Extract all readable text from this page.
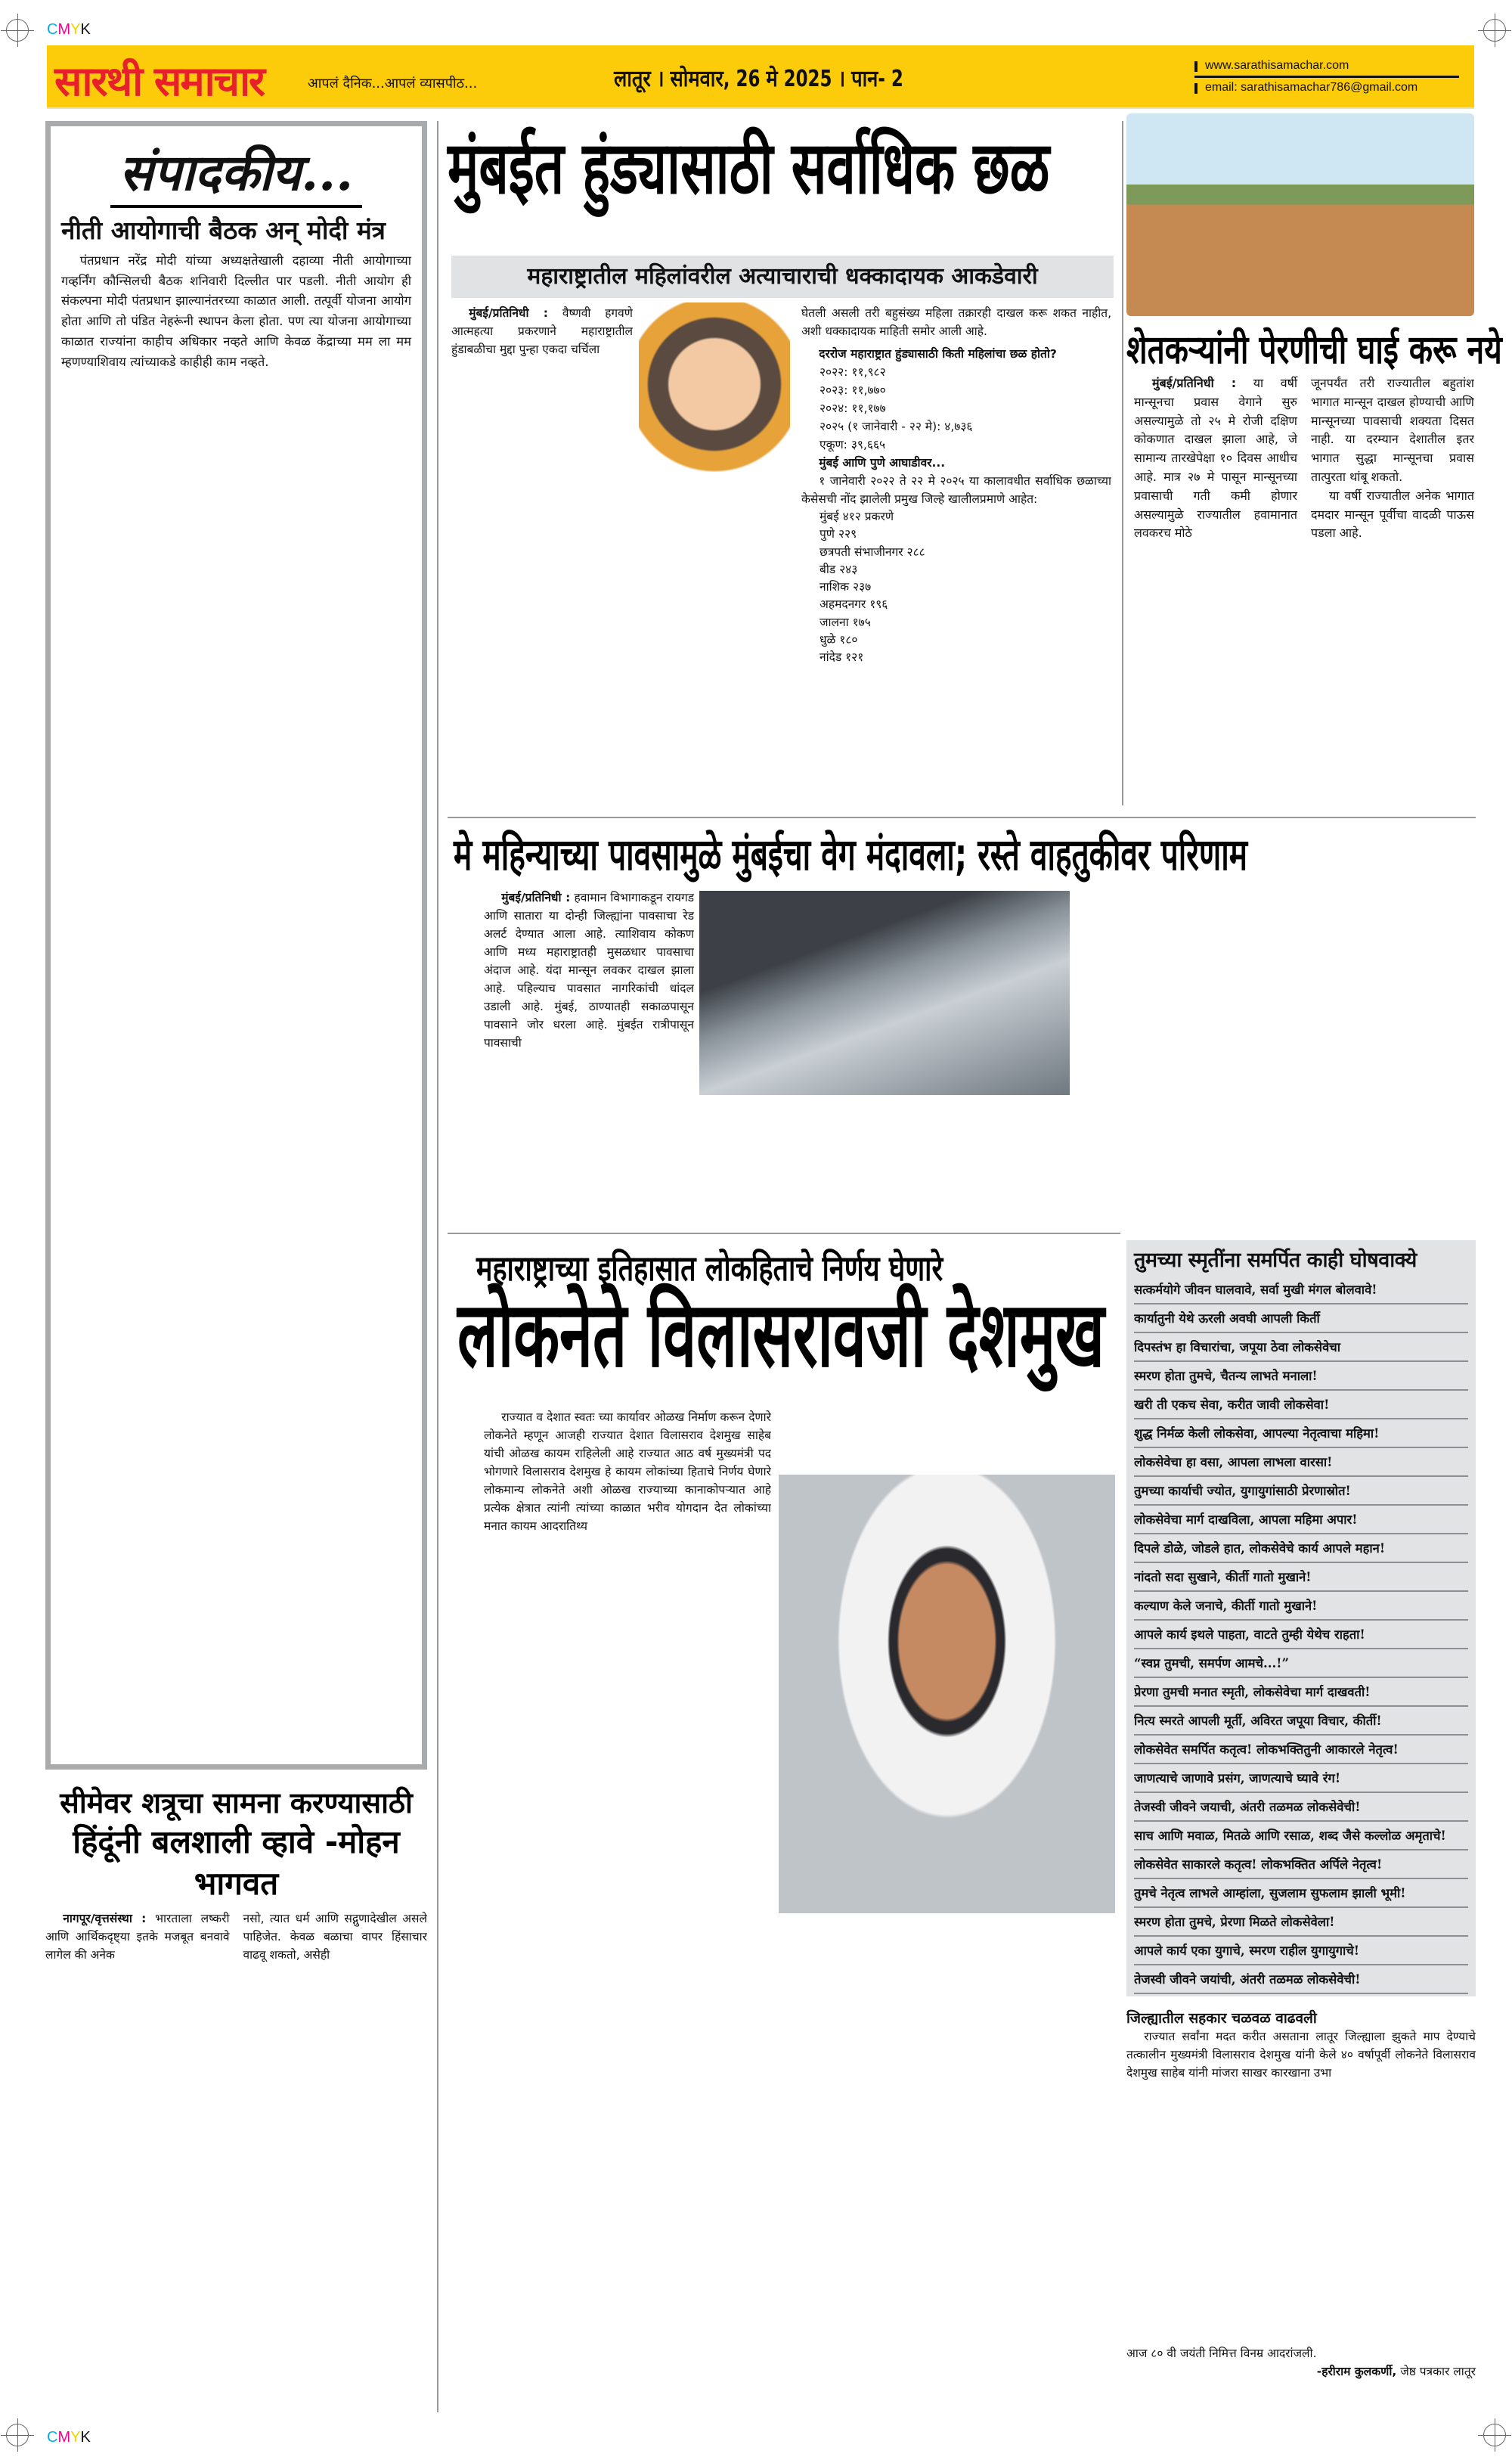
CMYK
CMYK
सारथी समाचार	आपलं दैनिक...आपलं व्यासपीठ...	लातूर । सोमवार, 26 मे 2025 । पान- 2
www.sarathisamachar.com
email: sarathisamachar786@gmail.com
संपादकीय...
नीती आयोगाची बैठक अन् मोदी मंत्र

पंतप्रधान नरेंद्र मोदी यांच्या अध्यक्षतेखाली दहाव्या नीती आयोगाच्या गव्हर्निंग कौन्सिलची बैठक शनिवारी दिल्लीत पार पडली. नीती आयोग ही संकल्पना मोदी पंतप्रधान झाल्यानंतरच्या काळात आली. तत्पूर्वी योजना आयोग होता आणि तो पंडित नेहरूंनी स्थापन केला होता. पण त्या योजना आयोगाच्या काळात राज्यांना काहीच अधिकार नव्हते आणि केवळ केंद्राच्या मम ला मम म्हणण्याशिवाय त्यांच्याकडे काहीही काम नव्हते.

सीमेवर शत्रूचा सामना करण्यासाठी
हिंदूंनी बलशाली व्हावे -मोहन भागवत

नागपूर/वृत्तसंस्था : भारताला लष्करी आणि आर्थिकदृष्ट्या इतके मजबूत बनवावे लागेल की अनेक

नसो, त्यात धर्म आणि सद्गुणादेखील असले पाहिजेत. केवळ बळाचा वापर हिंसाचार वाढवू शकतो, असेही

मुंबईत हुंड्यासाठी सर्वाधिक छळ
महाराष्ट्रातील महिलांवरील अत्याचाराची धक्कादायक आकडेवारी

मुंबई/प्रतिनिधी : वैष्णवी हगवणे आत्महत्या प्रकरणाने महाराष्ट्रातील हुंडाबळीचा मुद्दा पुन्हा एकदा चर्चिला

घेतली असली तरी बहुसंख्य महिला तक्रारही दाखल करू शकत नाहीत, अशी धक्कादायक माहिती समोर आली आहे.

दररोज महाराष्ट्रात हुंड्यासाठी किती महिलांचा छळ होतो?

२०२२: ११,९८२
२०२३: ११,७७०
२०२४: ११,१७७
२०२५ (१ जानेवारी - २२ मे): ४,७३६
एकूण: ३९,६६५

मुंबई आणि पुणे आघाडीवर...

१ जानेवारी २०२२ ते २२ मे २०२५ या कालावधीत सर्वाधिक छळाच्या केसेसची नोंद झालेली प्रमुख जिल्हे खालीलप्रमाणे आहेत:

मुंबई ४१२ प्रकरणे
पुणे २२९
छत्रपती संभाजीनगर २८८
बीड २४३
नाशिक २३७
अहमदनगर १९६
जालना १७५
धुळे १८०
नांदेड १२१
शेतकऱ्यांनी पेरणीची घाई करू नये

मुंबई/प्रतिनिधी : या वर्षी मान्सूनचा प्रवास वेगाने सुरु असल्यामुळे तो २५ मे रोजी दक्षिण कोकणात दाखल झाला आहे, जे सामान्य तारखेपेक्षा १० दिवस आधीच आहे. मात्र २७ मे पासून मान्सूनच्या प्रवासाची गती कमी होणार असल्यामुळे राज्यातील हवामानात लवकरच मोठे

जूनपर्यंत तरी राज्यातील बहुतांश भागात मान्सून दाखल होण्याची आणि मान्सूनच्या पावसाची शक्यता दिसत नाही. या दरम्यान देशातील इतर भागात सुद्धा मान्सूनचा प्रवास तात्पुरता थांबू शकतो.

या वर्षी राज्यातील अनेक भागात दमदार मान्सून पूर्वीचा वादळी पाऊस पडला आहे.

मे महिन्याच्या पावसामुळे मुंबईचा वेग मंदावला; रस्ते वाहतुकीवर परिणाम

मुंबई/प्रतिनिधी : हवामान विभागाकडून रायगड आणि सातारा या दोन्ही जिल्ह्यांना पावसाचा रेड अलर्ट देण्यात आला आहे. त्याशिवाय कोकण आणि मध्य महाराष्ट्रातही मुसळधार पावसाचा अंदाज आहे. यंदा मान्सून लवकर दाखल झाला आहे. पहिल्याच पावसात नागरिकांची धांदल उडाली आहे. मुंबई, ठाण्यातही सकाळपासून पावसाने जोर धरला आहे. मुंबईत रात्रीपासून पावसाची

महाराष्ट्राच्या इतिहासात लोकहिताचे निर्णय घेणारे
लोकनेते विलासरावजी देशमुख

राज्यात व देशात स्वतः च्या कार्यावर ओळख निर्माण करून देणारे लोकनेते म्हणून आजही राज्यात देशात विलासराव देशमुख साहेब यांची ओळख कायम राहिलेली आहे राज्यात आठ वर्ष मुख्यमंत्री पद भोगणारे विलासराव देशमुख हे कायम लोकांच्या हिताचे निर्णय घेणारे लोकमान्य लोकनेते अशी ओळख राज्याच्या कानाकोपऱ्यात आहे प्रत्येक क्षेत्रात त्यांनी त्यांच्या काळात भरीव योगदान देत लोकांच्या मनात कायम आदरातिथ्य

तुमच्या स्मृतींना समर्पित काही घोषवाक्ये
सत्कर्मयोगे जीवन घालवावे, सर्वा मुखी मंगल बोलवावे!
कार्यातुनी येथे ऊरली अवघी आपली किर्ती
दिपस्तंभ हा विचारांचा, जपूया ठेवा लोकसेवेचा
स्मरण होता तुमचे, चैतन्य लाभते मनाला!
खरी ती एकच सेवा, करीत जावी लोकसेवा!
शुद्ध निर्मळ केली लोकसेवा, आपल्या नेतृत्वाचा महिमा!
लोकसेवेचा हा वसा, आपला लाभला वारसा!
तुमच्या कार्याची ज्योत, युगायुगांसाठी प्रेरणास्रोत!
लोकसेवेचा मार्ग दाखविला, आपला महिमा अपार!
दिपले डोळे, जोडले हात, लोकसेवेचे कार्य आपले महान!
नांदतो सदा सुखाने, कीर्ती गातो मुखाने!
कल्याण केले जनाचे, कीर्ती गातो मुखाने!
आपले कार्य इथले पाहता, वाटते तुम्ही येथेच राहता!
“स्वप्न तुमची, समर्पण आमचे...!”
प्रेरणा तुमची मनात स्मृती, लोकसेवेचा मार्ग दाखवती!
नित्य स्मरते आपली मूर्ती, अविरत जपूया विचार, कीर्ती!
लोकसेवेत समर्पित कतृत्व! लोकभक्तितुनी आकारले नेतृत्व!
जाणत्याचे जाणावे प्रसंग, जाणत्याचे घ्यावे रंग!
तेजस्वी जीवने जयाची, अंतरी तळमळ लोकसेवेची!
साच आणि मवाळ, मितळे आणि रसाळ, शब्द जैसे कल्लोळ अमृताचे!
लोकसेवेत साकारले कतृत्व! लोकभक्तित अर्पिले नेतृत्व!
तुमचे नेतृत्व लाभले आम्हांला, सुजलाम सुफलाम झाली भूमी!
स्मरण होता तुमचे, प्रेरणा मिळते लोकसेवेला!
आपले कार्य एका युगाचे, स्मरण राहील युगायुगाचे!
तेजस्वी जीवने जयांची, अंतरी तळमळ लोकसेवेची!
जिल्ह्यातील सहकार चळवळ वाढवली

राज्यात सर्वांना मदत करीत असताना लातूर जिल्ह्याला झुकते माप देण्याचे तत्कालीन मुख्यमंत्री विलासराव देशमुख यांनी केले ४० वर्षापूर्वी लोकनेते विलासराव देशमुख साहेब यांनी मांजरा साखर कारखाना उभा

आज ८० वी जयंती निमित्त विनम्र आदरांजली.
-हरीराम कुलकर्णी, जेष्ठ पत्रकार लातूर
